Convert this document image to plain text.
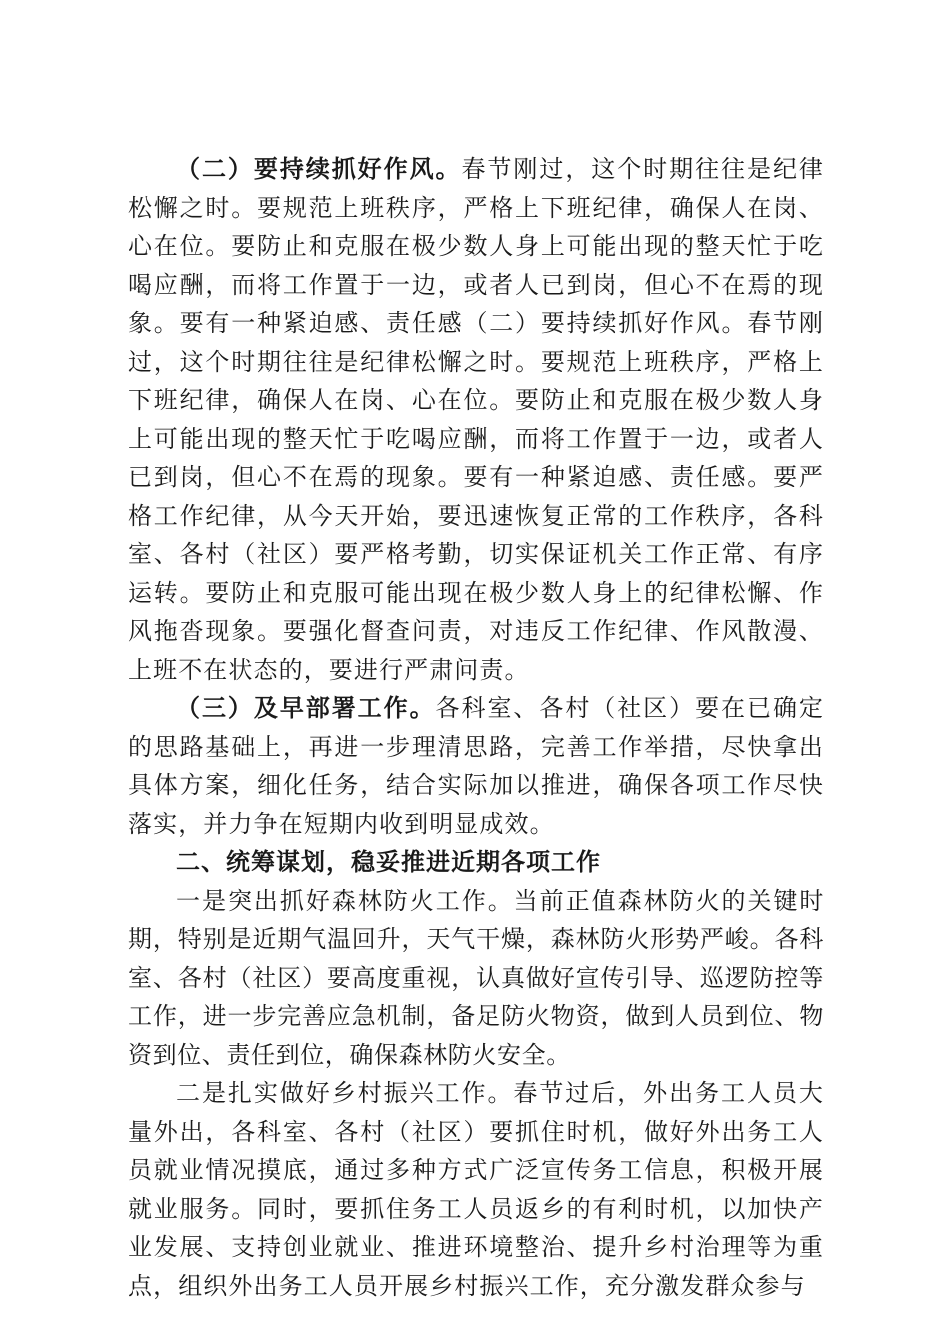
（二）要持续抓好作风。春节刚过，这个时期往往是纪律松懈之时。要规范上班秩序，严格上下班纪律，确保人在岗、心在位。要防止和克服在极少数人身上可能出现的整天忙于吃喝应酬，而将工作置于一边，或者人已到岗，但心不在焉的现象。要有一种紧迫感、责任感（二）要持续抓好作风。春节刚过，这个时期往往是纪律松懈之时。要规范上班秩序，严格上下班纪律，确保人在岗、心在位。要防止和克服在极少数人身上可能出现的整天忙于吃喝应酬，而将工作置于一边，或者人已到岗，但心不在焉的现象。要有一种紧迫感、责任感。要严格工作纪律，从今天开始，要迅速恢复正常的工作秩序，各科室、各村（社区）要严格考勤，切实保证机关工作正常、有序运转。要防止和克服可能出现在极少数人身上的纪律松懈、作风拖沓现象。要强化督查问责，对违反工作纪律、作风散漫、上班不在状态的，要进行严肃问责。

（三）及早部署工作。各科室、各村（社区）要在已确定的思路基础上，再进一步理清思路，完善工作举措，尽快拿出具体方案，细化任务，结合实际加以推进，确保各项工作尽快落实，并力争在短期内收到明显成效。

二、统筹谋划，稳妥推进近期各项工作

一是突出抓好森林防火工作。当前正值森林防火的关键时期，特别是近期气温回升，天气干燥，森林防火形势严峻。各科室、各村（社区）要高度重视，认真做好宣传引导、巡逻防控等工作，进一步完善应急机制，备足防火物资，做到人员到位、物资到位、责任到位，确保森林防火安全。

二是扎实做好乡村振兴工作。春节过后，外出务工人员大量外出，各科室、各村（社区）要抓住时机，做好外出务工人员就业情况摸底，通过多种方式广泛宣传务工信息，积极开展就业服务。同时，要抓住务工人员返乡的有利时机，以加快产业发展、支持创业就业、推进环境整治、提升乡村治理等为重点，组织外出务工人员开展乡村振兴工作，充分激发群众参与
